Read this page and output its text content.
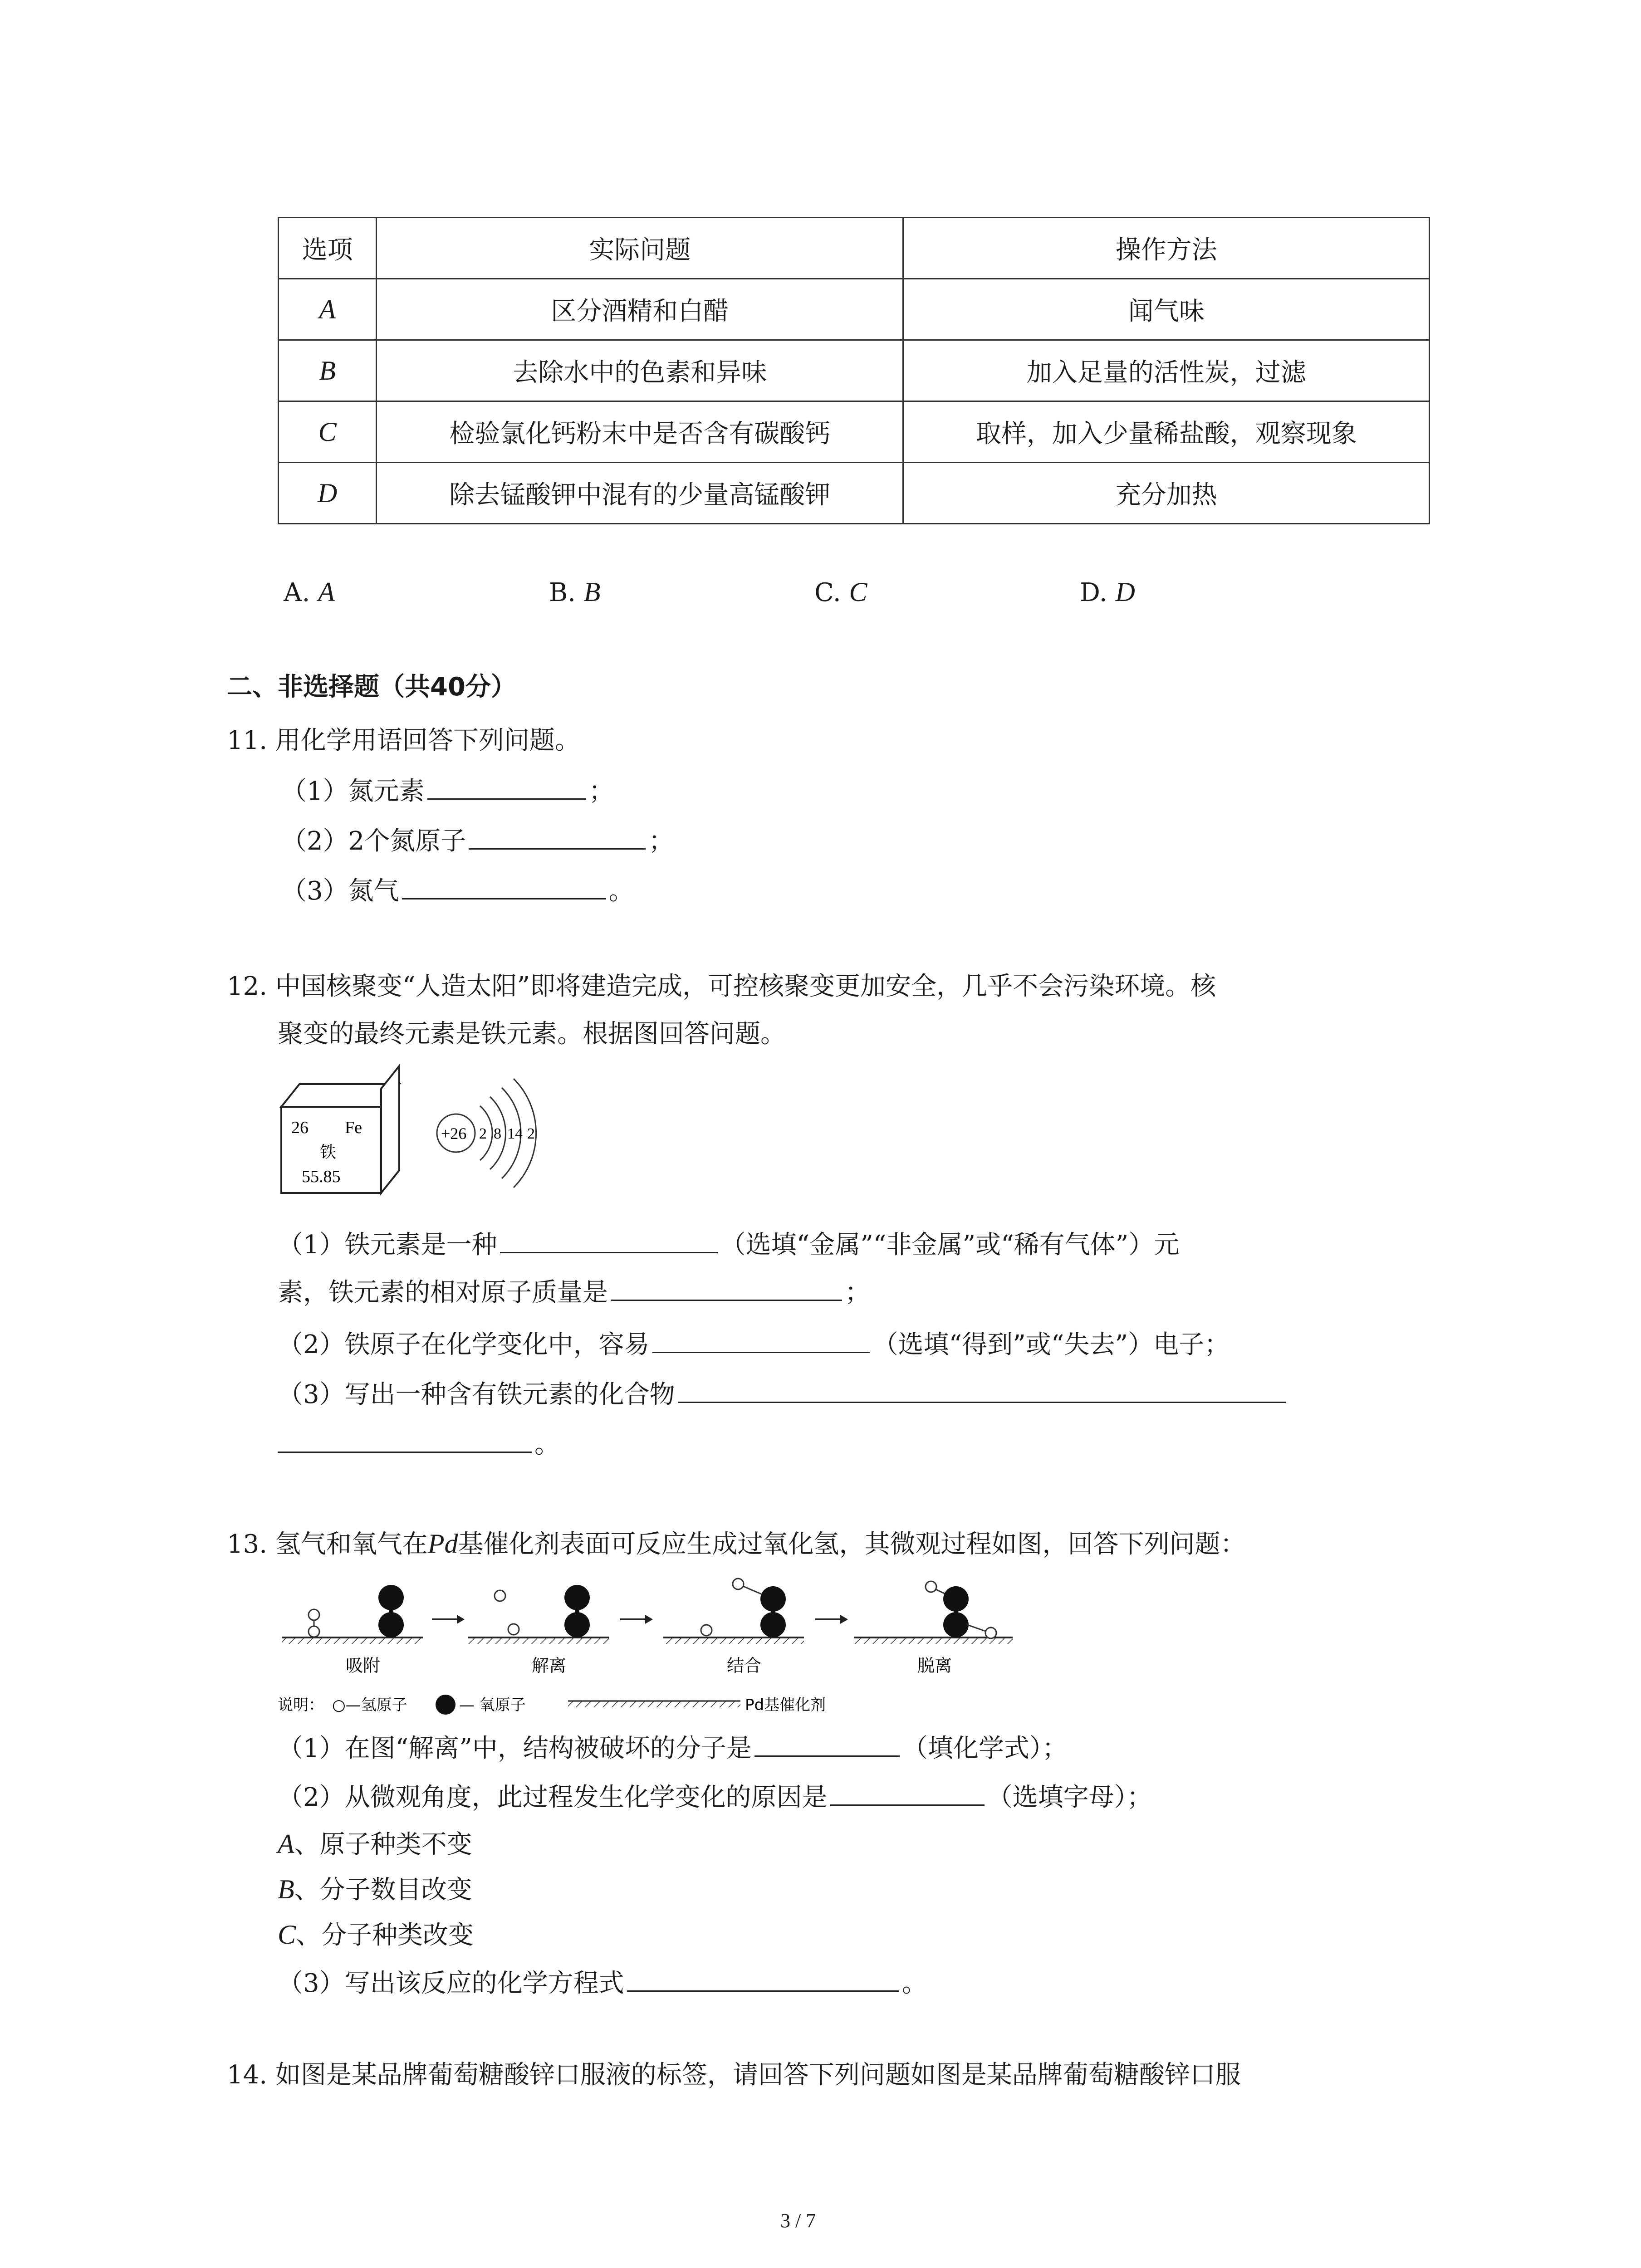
选项	实际问题	操作方法
A	区分酒精和白醋	闻气味
B	去除水中的色素和异味	加入足量的活性炭，过滤
C	检验氯化钙粉末中是否含有碳酸钙	取样，加入少量稀盐酸，观察现象
D	除去锰酸钾中混有的少量高锰酸钾	充分加热
A. A	B. B	C. C	D. D
二、非选择题（共40分）
11. 用化学用语回答下列问题。
（1）氮元素	；
（2）2个氮原子	；
（3）氮气	。
12. 中国核聚变“人造太阳”即将建造完成，可控核聚变更加安全，几乎不会污染环境。核
聚变的最终元素是铁元素。根据图回答问题。
26 Fe
铁
55.85
+26 2 8 14 2
（1）铁元素是一种	（选填“金属”“非金属”或“稀有气体”）元
素，铁元素的相对原子质量是	；
（2）铁原子在化学变化中，容易	（选填“得到”或“失去”）电子；
（3）写出一种含有铁元素的化合物
。
13. 氢气和氧气在Pd基催化剂表面可反应生成过氧化氢，其微观过程如图，回答下列问题：
吸附	解离	结合	脱离
说明： ○—氢原子	— 氧原子	Pd基催化剂
（1）在图“解离”中，结构被破坏的分子是	（填化学式）；
（2）从微观角度，此过程发生化学变化的原因是	（选填字母）；
A、原子种类不变
B、分子数目改变
C、分子种类改变
（3）写出该反应的化学方程式	。
14. 如图是某品牌葡萄糖酸锌口服液的标签，请回答下列问题如图是某品牌葡萄糖酸锌口服
3 / 7
